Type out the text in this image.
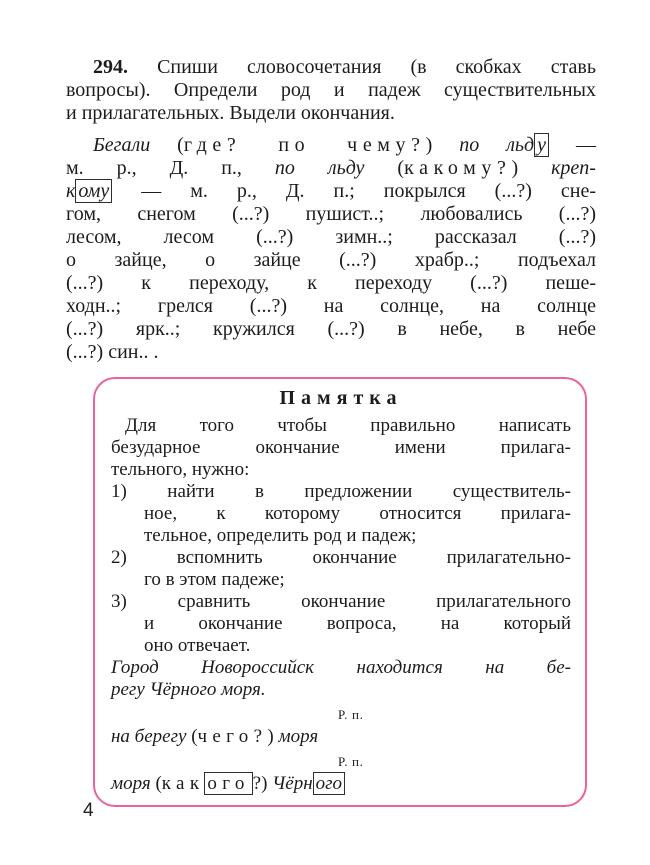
294. Спиши словосочетания (в скобках ставь
вопросы). Определи род и падеж существительных
и прилагательных. Выдели окончания.
Бегали (где? по чему?) по льд у —
м. р., Д. п., по льду (какому?) креп-
к ому — м. р., Д. п.; покрылся (...?) сне-
гом, снегом (...?) пушист..; любовались (...?)
лесом, лесом (...?) зимн..; рассказал (...?)
о зайце, о зайце (...?) храбр..; подъехал
(...?) к переходу, к переходу (...?) пеше-
ходн..; грелся (...?) на солнце, на солнце
(...?) ярк..; кружился (...?) в небе, в небе
(...?) син.. .
Памятка
Для того чтобы правильно написать
безударное окончание имени прилага-
тельного, нужно:
1) найти в предложении существитель-
ное, к которому относится прилага-
тельное, определить род и падеж;
2) вспомнить окончание прилагательно-
го в этом падеже;
3) сравнить окончание прилагательного
и окончание вопроса, на который
оно отвечает.
Город Новороссийск находится на бе-
регу Чёрного моря.
Р. п.
на берегу (чего?) моря
Р. п.
моря (как ого ?) Чёрн ого
4
